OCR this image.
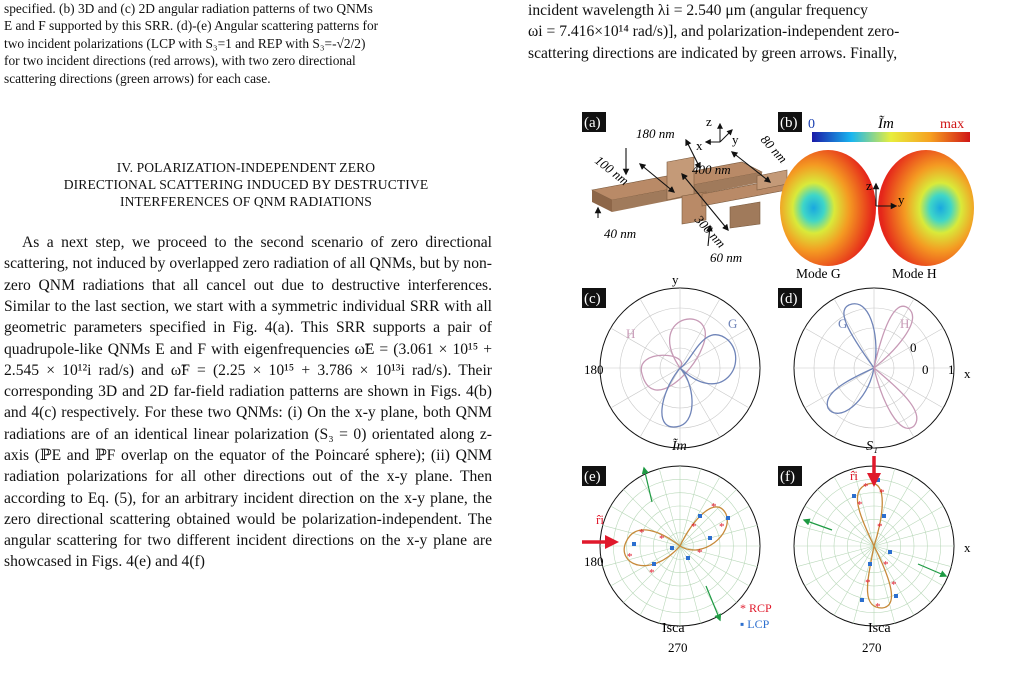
specified. (b) 3D and (c) 2D angular radiation patterns of two QNMs
E and F supported by this SRR. (d)-(e) Angular scattering patterns for
two incident polarizations (LCP with S₃=1 and REP with S₃=-√2/2)
for two incident directions (red arrows), with two zero directional
scattering directions (green arrows) for each case.
IV. POLARIZATION-INDEPENDENT ZERO
DIRECTIONAL SCATTERING INDUCED BY DESTRUCTIVE
INTERFERENCES OF QNM RADIATIONS

As a next step, we proceed to the second scenario of zero directional scattering, not induced by overlapped zero radiation of all QNMs, but by non-zero QNM radiations that all cancel out due to destructive interferences. Similar to the last section, we start with a symmetric individual SRR with all geometric parameters specified in Fig. 4(a). This SRR supports a pair of quadrupole-like QNMs E and F with eigenfrequencies ω̃E = (3.061 × 10¹⁵ + 2.545 × 10¹²i rad/s) and ω̃F = (2.25 × 10¹⁵ + 3.786 × 10¹³i rad/s). Their corresponding 3D and 2D far-field radiation patterns are shown in Figs. 4(b) and 4(c) respectively. For these two QNMs: (i) On the x-y plane, both QNM radiations are of an identical linear polarization (S₃ = 0) orientated along z-axis (ℙE and ℙF overlap on the equator of the Poincaré sphere); (ii) QNM radiation polarizations for all other directions out of the x-y plane. Then according to Eq. (5), for an arbitrary incident direction on the x-y plane, the zero directional scattering obtained would be polarization-independent. The angular scattering for two different incident directions on the x-y plane are showcased in Figs. 4(e) and 4(f)

incident wavelength λi = 2.540 μm (angular frequency
ωi = 7.416×10¹⁴ rad/s)], and polarization-independent zero-
scattering directions are indicated by green arrows. Finally,
(a)
180 nm
100 nm	400 nm
80 nm
300 nm
40 nm
60 nm
z
x y
(b) 0	Ĩm	max
z
y
Mode G	Mode H
(c)
y
180
G
H
Ĩm
(d)
G	H
0
0 1 x
S₁
(e)
*
* *
*
*
*
*
*
r̂i
180
270
Isca
* RCP
▪ LCP
(f)
*
* *
*
*
*
*
*
r̂i
x
270
Isca
